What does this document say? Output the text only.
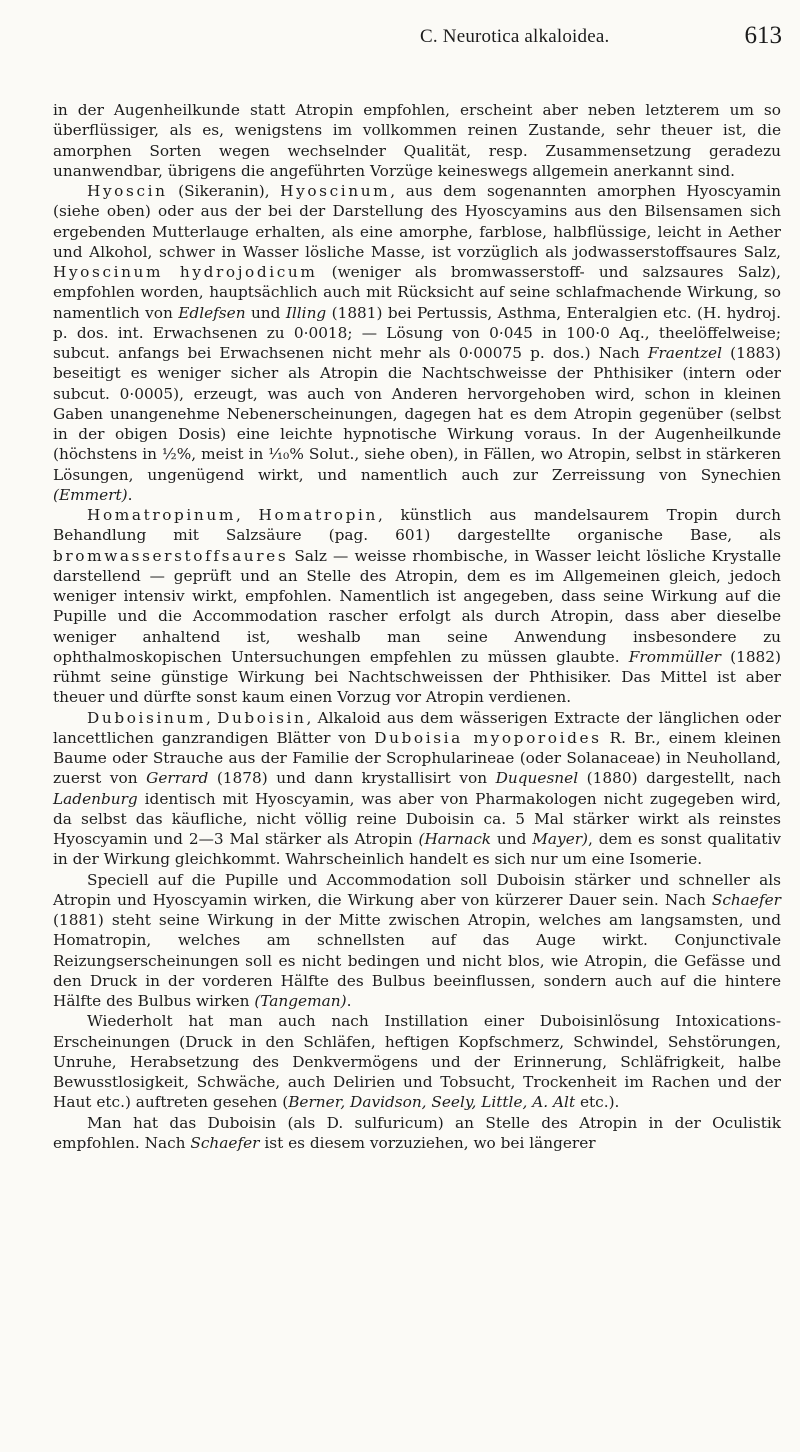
C. Neurotica alkaloidea.	613

in der Augenheilkunde statt Atropin empfohlen, erscheint aber neben letzterem um so überflüssiger, als es, wenigstens im vollkommen reinen Zustande, sehr theuer ist, die amorphen Sorten wegen wechselnder Qualität, resp. Zusammensetzung geradezu unanwendbar, übrigens die angeführten Vorzüge keineswegs allgemein anerkannt sind.

Hyoscin (Sikeranin), Hyoscinum, aus dem sogenannten amorphen Hyoscyamin (siehe oben) oder aus der bei der Darstellung des Hyoscyamins aus den Bilsensamen sich ergebenden Mutterlauge erhalten, als eine amorphe, farblose, halbflüssige, leicht in Aether und Alkohol, schwer in Wasser lösliche Masse, ist vorzüglich als jodwasserstoffsaures Salz, Hyoscinum hydrojodicum (weniger als bromwasserstoff- und salzsaures Salz), empfohlen worden, hauptsächlich auch mit Rücksicht auf seine schlafmachende Wirkung, so namentlich von Edlefsen und Illing (1881) bei Pertussis, Asthma, Enteralgien etc. (H. hydroj. p. dos. int. Erwachsenen zu 0·0018; — Lösung von 0·045 in 100·0 Aq., theelöffelweise; subcut. anfangs bei Erwachsenen nicht mehr als 0·00075 p. dos.) Nach Fraentzel (1883) beseitigt es weniger sicher als Atropin die Nachtschweisse der Phthisiker (intern oder subcut. 0·0005), erzeugt, was auch von Anderen hervorgehoben wird, schon in kleinen Gaben unangenehme Nebenerscheinungen, dagegen hat es dem Atropin gegenüber (selbst in der obigen Dosis) eine leichte hypnotische Wirkung voraus. In der Augenheilkunde (höchstens in ½%, meist in ⅒% Solut., siehe oben), in Fällen, wo Atropin, selbst in stärkeren Lösungen, ungenügend wirkt, und namentlich auch zur Zerreissung von Synechien (Emmert).

Homatropinum, Homatropin, künstlich aus mandelsaurem Tropin durch Behandlung mit Salzsäure (pag. 601) dargestellte organische Base, als bromwasserstoffsaures Salz — weisse rhombische, in Wasser leicht lösliche Krystalle darstellend — geprüft und an Stelle des Atropin, dem es im Allgemeinen gleich, jedoch weniger intensiv wirkt, empfohlen. Namentlich ist angegeben, dass seine Wirkung auf die Pupille und die Accommodation rascher erfolgt als durch Atropin, dass aber dieselbe weniger anhaltend ist, weshalb man seine Anwendung insbesondere zu ophthalmoskopischen Untersuchungen empfehlen zu müssen glaubte. Frommüller (1882) rühmt seine günstige Wirkung bei Nachtschweissen der Phthisiker. Das Mittel ist aber theuer und dürfte sonst kaum einen Vorzug vor Atropin verdienen.

Duboisinum, Duboisin, Alkaloid aus dem wässerigen Extracte der länglichen oder lancettlichen ganzrandigen Blätter von Duboisia myoporoides R. Br., einem kleinen Baume oder Strauche aus der Familie der Scrophularineae (oder Solanaceae) in Neuholland, zuerst von Gerrard (1878) und dann krystallisirt von Duquesnel (1880) dargestellt, nach Ladenburg identisch mit Hyoscyamin, was aber von Pharmakologen nicht zugegeben wird, da selbst das käufliche, nicht völlig reine Duboisin ca. 5 Mal stärker wirkt als reinstes Hyoscyamin und 2—3 Mal stärker als Atropin (Harnack und Mayer), dem es sonst qualitativ in der Wirkung gleichkommt. Wahrscheinlich handelt es sich nur um eine Isomerie.

Speciell auf die Pupille und Accommodation soll Duboisin stärker und schneller als Atropin und Hyoscyamin wirken, die Wirkung aber von kürzerer Dauer sein. Nach Schaefer (1881) steht seine Wirkung in der Mitte zwischen Atropin, welches am langsamsten, und Homatropin, welches am schnellsten auf das Auge wirkt. Conjunctivale Reizungserscheinungen soll es nicht bedingen und nicht blos, wie Atropin, die Gefässe und den Druck in der vorderen Hälfte des Bulbus beeinflussen, sondern auch auf die hintere Hälfte des Bulbus wirken (Tangeman).

Wiederholt hat man auch nach Instillation einer Duboisinlösung Intoxications-Erscheinungen (Druck in den Schläfen, heftigen Kopfschmerz, Schwindel, Sehstörungen, Unruhe, Herabsetzung des Denkvermögens und der Erinnerung, Schläfrigkeit, halbe Bewusstlosigkeit, Schwäche, auch Delirien und Tobsucht, Trockenheit im Rachen und der Haut etc.) auftreten gesehen (Berner, Davidson, Seely, Little, A. Alt etc.).

Man hat das Duboisin (als D. sulfuricum) an Stelle des Atropin in der Oculistik empfohlen. Nach Schaefer ist es diesem vorzuziehen, wo bei längerer
